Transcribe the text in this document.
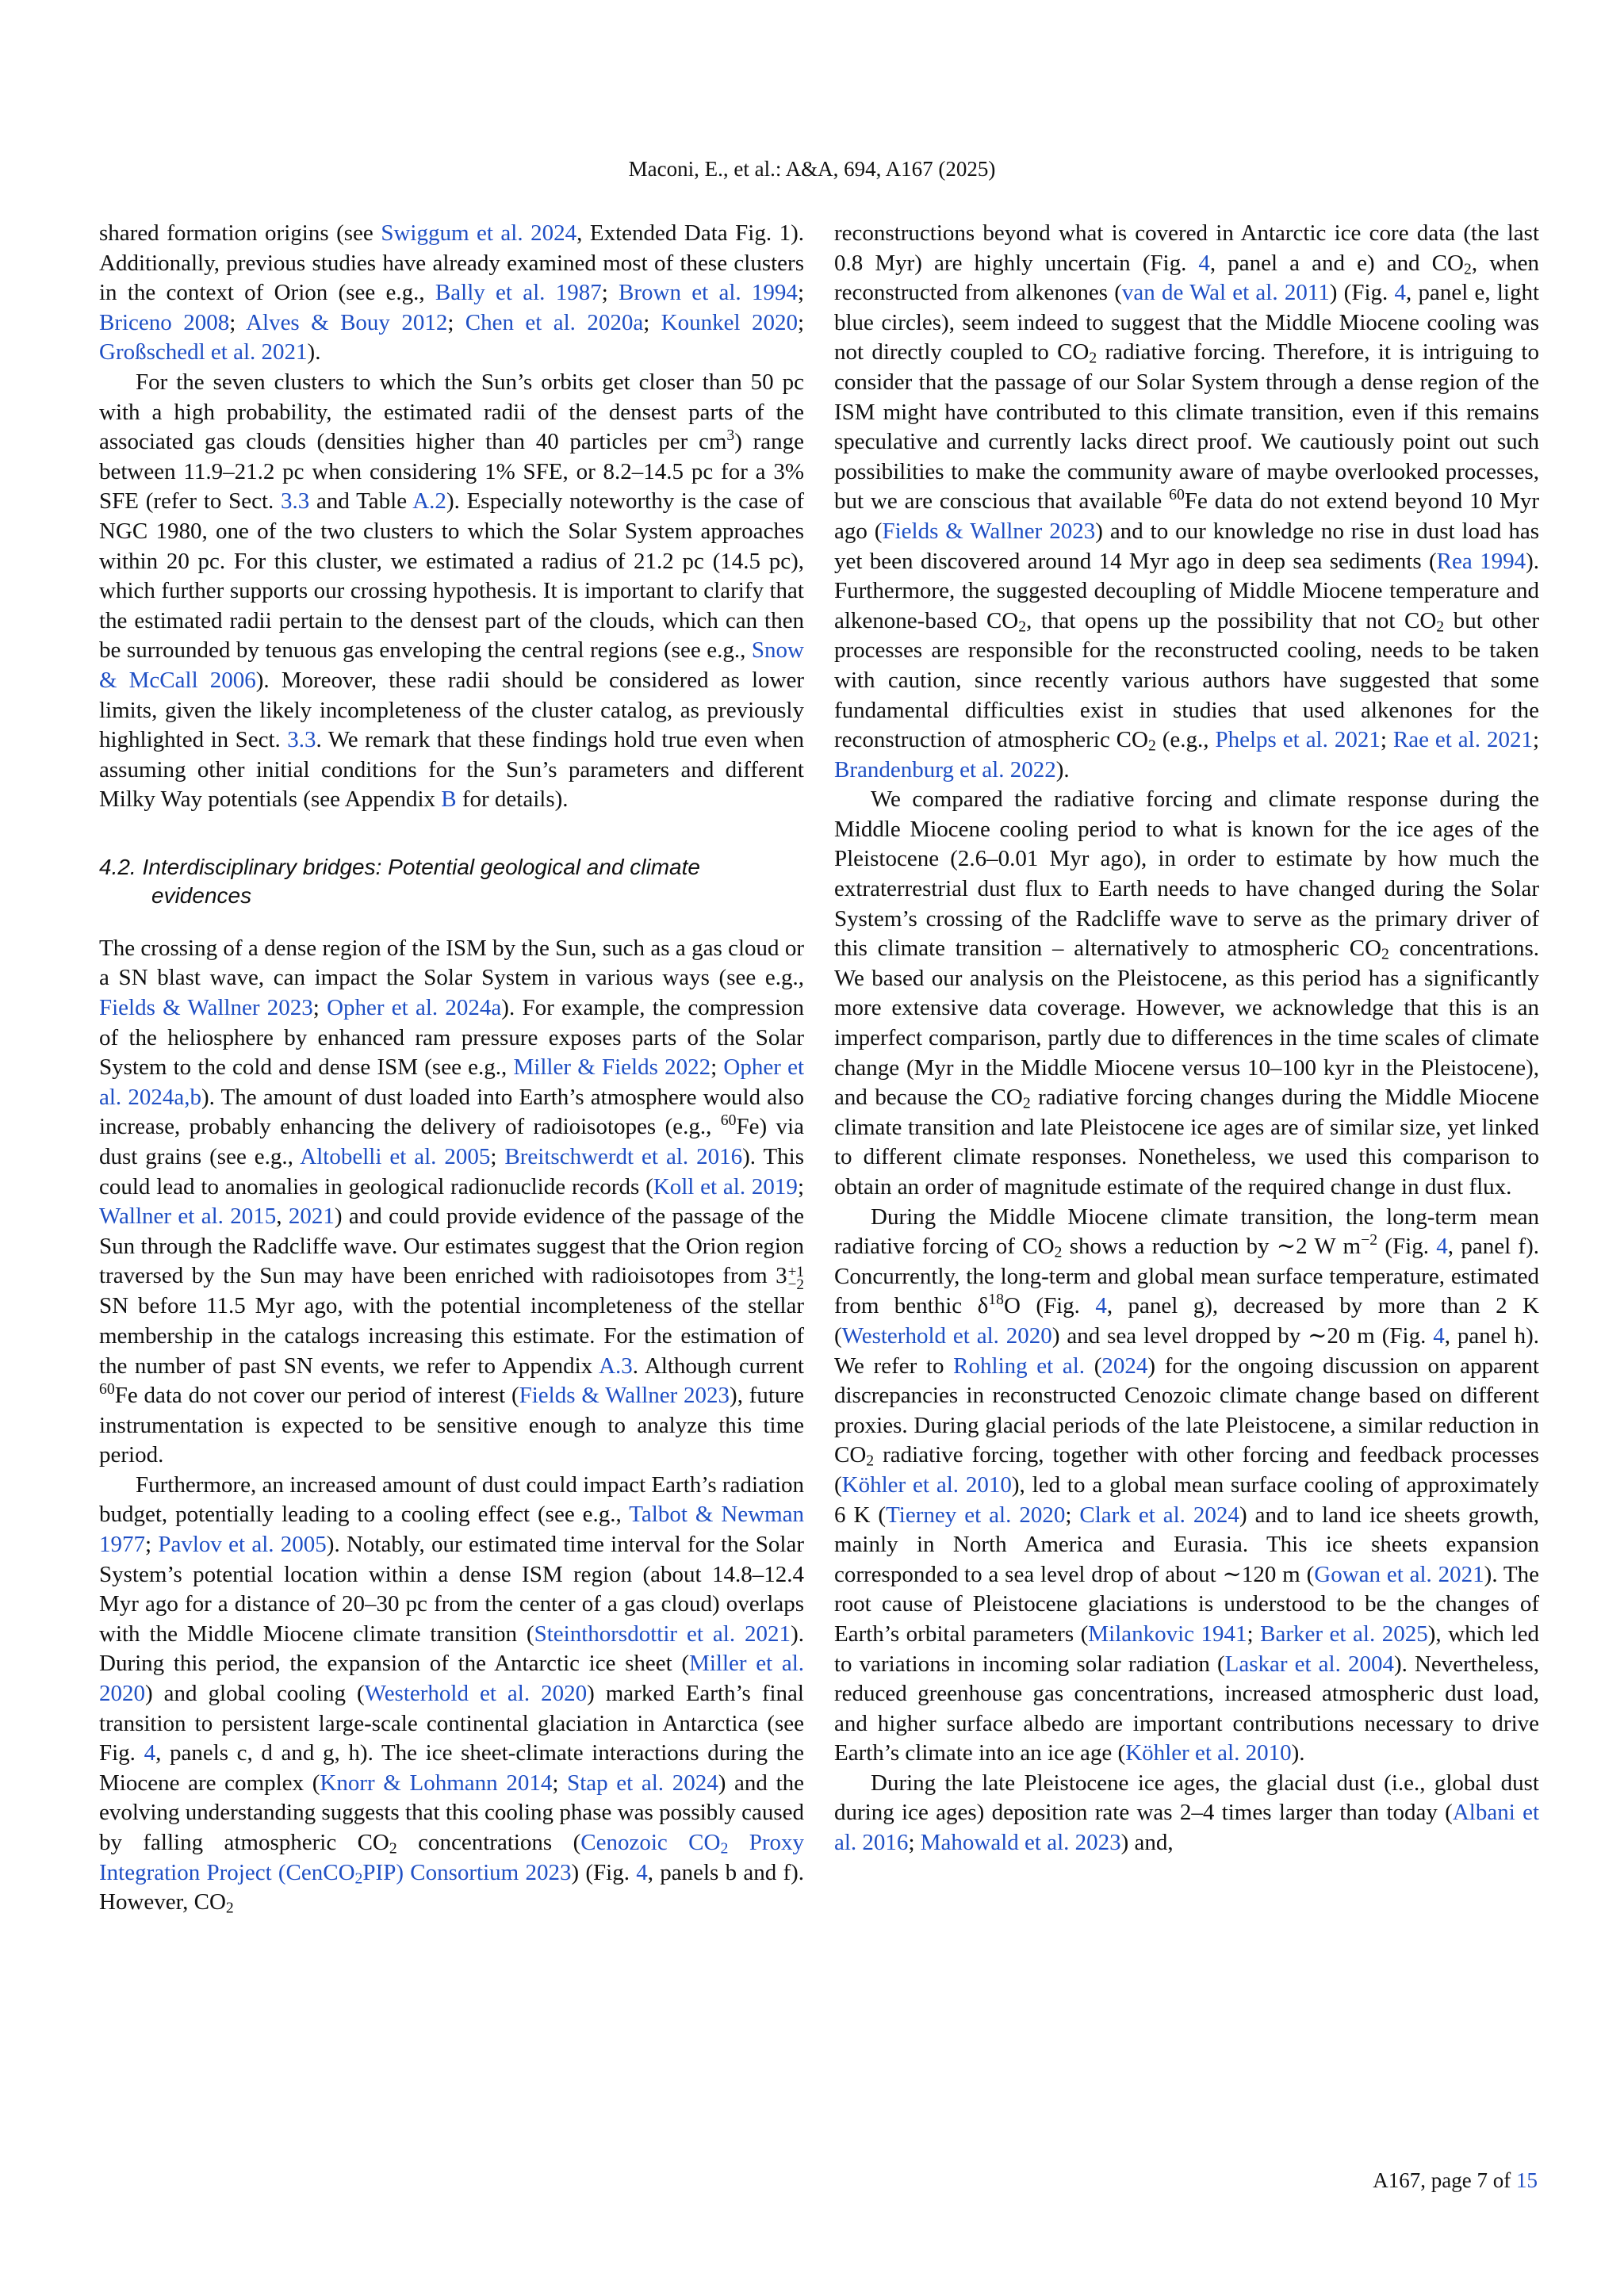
Maconi, E., et al.: A&A, 694, A167 (2025)

shared formation origins (see Swiggum et al. 2024, Extended Data Fig. 1). Additionally, previous studies have already examined most of these clusters in the context of Orion (see e.g., Bally et al. 1987; Brown et al. 1994; Briceno 2008; Alves & Bouy 2012; Chen et al. 2020a; Kounkel 2020; Großschedl et al. 2021).

For the seven clusters to which the Sun’s orbits get closer than 50 pc with a high probability, the estimated radii of the densest parts of the associated gas clouds (densities higher than 40 particles per $cm^3$) range between 11.9–21.2 pc when considering 1% SFE, or 8.2–14.5 pc for a 3% SFE (refer to Sect. 3.3 and Table A.2). Especially noteworthy is the case of NGC 1980, one of the two clusters to which the Solar System approaches within 20 pc. For this cluster, we estimated a radius of 21.2 pc (14.5 pc), which further supports our crossing hypothesis. It is important to clarify that the estimated radii pertain to the densest part of the clouds, which can then be surrounded by tenuous gas enveloping the central regions (see e.g., Snow & McCall 2006). Moreover, these radii should be considered as lower limits, given the likely incompleteness of the cluster catalog, as previously highlighted in Sect. 3.3. We remark that these findings hold true even when assuming other initial conditions for the Sun’s parameters and different Milky Way potentials (see Appendix B for details).

4.2. Interdisciplinary bridges: Potential geological and climate evidences

The crossing of a dense region of the ISM by the Sun, such as a gas cloud or a SN blast wave, can impact the Solar System in various ways (see e.g., Fields & Wallner 2023; Opher et al. 2024a). For example, the compression of the heliosphere by enhanced ram pressure exposes parts of the Solar System to the cold and dense ISM (see e.g., Miller & Fields 2022; Opher et al. 2024a,b). The amount of dust loaded into Earth’s atmosphere would also increase, probably enhancing the delivery of radioisotopes (e.g., $^{60}$Fe) via dust grains (see e.g., Altobelli et al. 2005; Breitschwerdt et al. 2016). This could lead to anomalies in geological radionuclide records (Koll et al. 2019; Wallner et al. 2015, 2021) and could provide evidence of the passage of the Sun through the Radcliffe wave. Our estimates suggest that the Orion region traversed by the Sun may have been enriched with radioisotopes from 3 +1
−2
SN before 11.5 Myr ago, with the potential incompleteness of the stellar membership in the catalogs increasing this estimate. For the estimation of the number of past SN events, we refer to Appendix A.3. Although current $^{60}$Fe data do not cover our period of interest (Fields & Wallner 2023), future instrumentation is expected to be sensitive enough to analyze this time period.

Furthermore, an increased amount of dust could impact Earth’s radiation budget, potentially leading to a cooling effect (see e.g., Talbot & Newman 1977; Pavlov et al. 2005). Notably, our estimated time interval for the Solar System’s potential location within a dense ISM region (about 14.8–12.4 Myr ago for a distance of 20–30 pc from the center of a gas cloud) overlaps with the Middle Miocene climate transition (Steinthorsdottir et al. 2021). During this period, the expansion of the Antarctic ice sheet (Miller et al. 2020) and global cooling (Westerhold et al. 2020) marked Earth’s final transition to persistent large-scale continental glaciation in Antarctica (see Fig. 4, panels c, d and g, h). The ice sheet-climate interactions during the Miocene are complex (Knorr & Lohmann 2014; Stap et al. 2024) and the evolving understanding suggests that this cooling phase was possibly caused by falling atmospheric $CO_2$ concentrations (Cenozoic $CO_2$ Proxy Integration Project (CenCO$_2$PIP) Consortium 2023) (Fig. 4, panels b and f). However, $CO_2$

reconstructions beyond what is covered in Antarctic ice core data (the last 0.8 Myr) are highly uncertain (Fig. 4, panel a and e) and $CO_2$, when reconstructed from alkenones (van de Wal et al. 2011) (Fig. 4, panel e, light blue circles), seem indeed to suggest that the Middle Miocene cooling was not directly coupled to $CO_2$ radiative forcing. Therefore, it is intriguing to consider that the passage of our Solar System through a dense region of the ISM might have contributed to this climate transition, even if this remains speculative and currently lacks direct proof. We cautiously point out such possibilities to make the community aware of maybe overlooked processes, but we are conscious that available $^{60}$Fe data do not extend beyond 10 Myr ago (Fields & Wallner 2023) and to our knowledge no rise in dust load has yet been discovered around 14 Myr ago in deep sea sediments (Rea 1994). Furthermore, the suggested decoupling of Middle Miocene temperature and alkenone-based $CO_2$, that opens up the possibility that not $CO_2$ but other processes are responsible for the reconstructed cooling, needs to be taken with caution, since recently various authors have suggested that some fundamental difficulties exist in studies that used alkenones for the reconstruction of atmospheric $CO_2$ (e.g., Phelps et al. 2021; Rae et al. 2021; Brandenburg et al. 2022).

We compared the radiative forcing and climate response during the Middle Miocene cooling period to what is known for the ice ages of the Pleistocene (2.6–0.01 Myr ago), in order to estimate by how much the extraterrestrial dust flux to Earth needs to have changed during the Solar System’s crossing of the Radcliffe wave to serve as the primary driver of this climate transition – alternatively to atmospheric $CO_2$ concentrations. We based our analysis on the Pleistocene, as this period has a significantly more extensive data coverage. However, we acknowledge that this is an imperfect comparison, partly due to differences in the time scales of climate change (Myr in the Middle Miocene versus 10–100 kyr in the Pleistocene), and because the $CO_2$ radiative forcing changes during the Middle Miocene climate transition and late Pleistocene ice ages are of similar size, yet linked to different climate responses. Nonetheless, we used this comparison to obtain an order of magnitude estimate of the required change in dust flux.

During the Middle Miocene climate transition, the long-term mean radiative forcing of $CO_2$ shows a reduction by ∼2 W $m^{-2}$ (Fig. 4, panel f). Concurrently, the long-term and global mean surface temperature, estimated from benthic $\delta^{18}O$ (Fig. 4, panel g), decreased by more than 2 K (Westerhold et al. 2020) and sea level dropped by ∼20 m (Fig. 4, panel h). We refer to Rohling et al. (2024) for the ongoing discussion on apparent discrepancies in reconstructed Cenozoic climate change based on different proxies. During glacial periods of the late Pleistocene, a similar reduction in $CO_2$ radiative forcing, together with other forcing and feedback processes (Köhler et al. 2010), led to a global mean surface cooling of approximately 6 K (Tierney et al. 2020; Clark et al. 2024) and to land ice sheets growth, mainly in North America and Eurasia. This ice sheets expansion corresponded to a sea level drop of about ∼120 m (Gowan et al. 2021). The root cause of Pleistocene glaciations is understood to be the changes of Earth’s orbital parameters (Milankovic 1941; Barker et al. 2025), which led to variations in incoming solar radiation (Laskar et al. 2004). Nevertheless, reduced greenhouse gas concentrations, increased atmospheric dust load, and higher surface albedo are important contributions necessary to drive Earth’s climate into an ice age (Köhler et al. 2010).

During the late Pleistocene ice ages, the glacial dust (i.e., global dust during ice ages) deposition rate was 2–4 times larger than today (Albani et al. 2016; Mahowald et al. 2023) and,

A167, page 7 of 15
